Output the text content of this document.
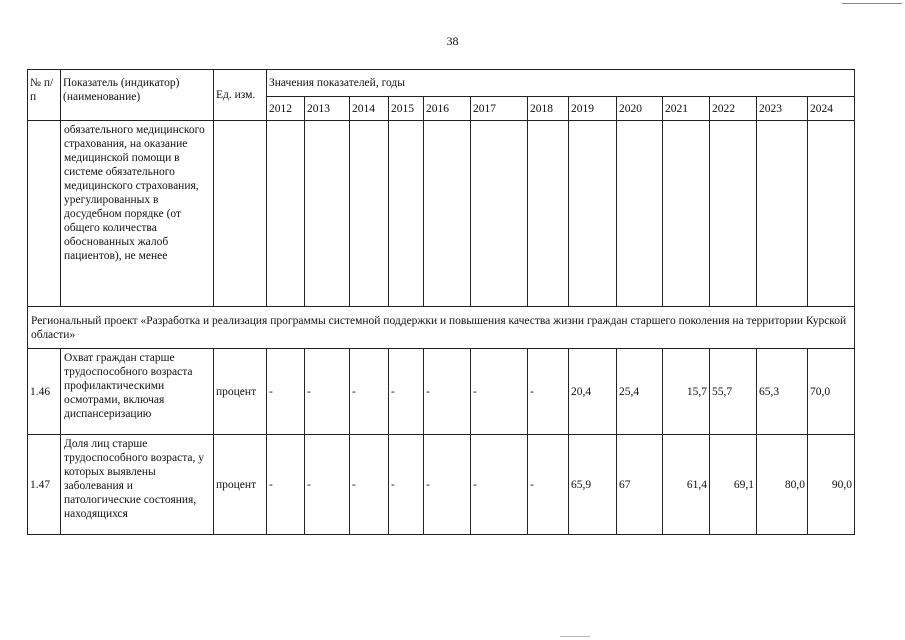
38
№ п/п	Показатель (индикатор) (наименование)	Ед. изм.	Значения показателей, годы												
			2012	2013	2014	2015	2016	2017	2018	2019	2020	2021	2022	2023	2024
	обязательного медицинского страхования, на оказание медицинской помощи в системе обязательного медицинского страхования, урегулированных в досудебном порядке (от общего количества обоснованных жалоб пациентов), не менее														
Региональный проект «Разработка и реализация программы системной поддержки и повышения качества жизни граждан старшего поколения на территории Курской области»															
1.46	Охват граждан старше трудоспособного возраста профилактическими осмотрами, включая диспансеризацию	процент	-	-	-	-	-	-	-	20,4	25,4	15,7	55,7	65,3	70,0
1.47	Доля лиц старше трудоспособного возраста, у которых выявлены заболевания и патологические состояния, находящихся	процент	-	-	-	-	-	-	-	65,9	67	61,4	69,1	80,0	90,0
